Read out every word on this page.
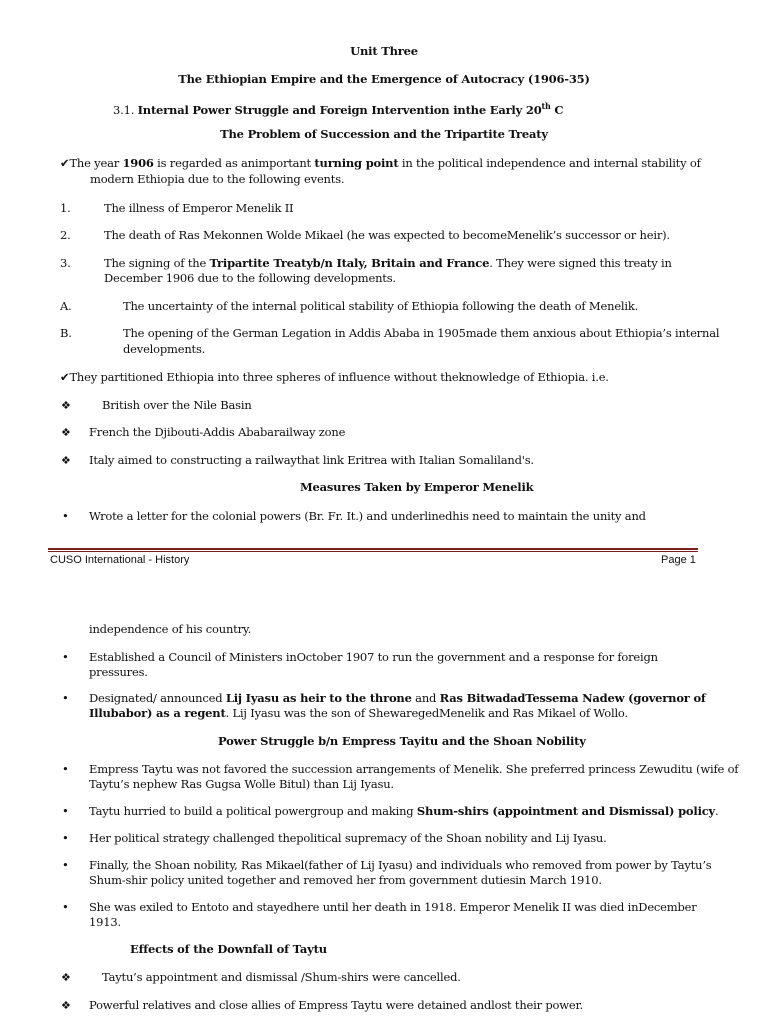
Unit Three
The Ethiopian Empire and the Emergence of Autocracy (1906-35)
3.1. Internal Power Struggle and Foreign Intervention inthe Early 20th C
The Problem of Succession and the Tripartite Treaty
✔The year 1906 is regarded as animportant turning point in the political independence and internal stability of
modern Ethiopia due to the following events.
1.	The illness of Emperor Menelik II
2.	The death of Ras Mekonnen Wolde Mikael (he was expected to becomeMenelik’s successor or heir).
3.	The signing of the Tripartite Treatyb/n Italy, Britain and France. They were signed this treaty in
December 1906 due to the following developments.
A.	The uncertainty of the internal political stability of Ethiopia following the death of Menelik.
B.	The opening of the German Legation in Addis Ababa in 1905made them anxious about Ethiopia’s internal
developments.
✔They partitioned Ethiopia into three spheres of influence without theknowledge of Ethiopia. i.e.
❖	British over the Nile Basin
❖ French the Djibouti-Addis Ababarailway zone
❖ Italy aimed to constructing a railwaythat link Eritrea with Italian Somaliland's.
Measures Taken by Emperor Menelik
• Wrote a letter for the colonial powers (Br. Fr. It.) and underlinedhis need to maintain the unity and
CUSO International - History	Page 1
independence of his country.
• Established a Council of Ministers inOctober 1907 to run the government and a response for foreign
pressures.
• Designated/ announced Lij Iyasu as heir to the throne and Ras BitwadadTessema Nadew (governor of
Illubabor) as a regent. Lij Iyasu was the son of ShewaregedMenelik and Ras Mikael of Wollo.
Power Struggle b/n Empress Tayitu and the Shoan Nobility
• Empress Taytu was not favored the succession arrangements of Menelik. She preferred princess Zewuditu (wife of
Taytu’s nephew Ras Gugsa Wolle Bitul) than Lij Iyasu.
• Taytu hurried to build a political powergroup and making Shum-shirs (appointment and Dismissal) policy.
• Her political strategy challenged thepolitical supremacy of the Shoan nobility and Lij Iyasu.
• Finally, the Shoan nobility, Ras Mikael(father of Lij Iyasu) and individuals who removed from power by Taytu’s
Shum-shir policy united together and removed her from government dutiesin March 1910.
• She was exiled to Entoto and stayedhere until her death in 1918. Emperor Menelik II was died inDecember
1913.
Effects of the Downfall of Taytu
❖	Taytu’s appointment and dismissal /Shum-shirs were cancelled.
❖ Powerful relatives and close allies of Empress Taytu were detained andlost their power.
